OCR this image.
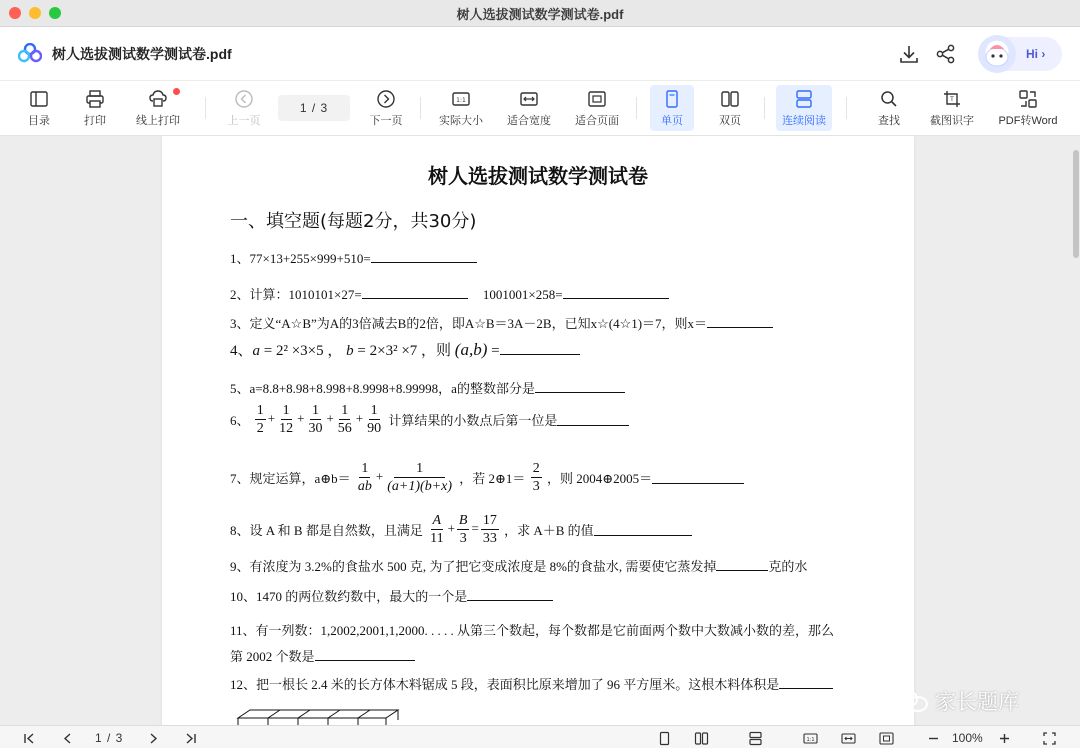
树人选拔测试数学测试卷.pdf
树人选拔测试数学测试卷.pdf	Hi ›
目录	打印	线上打印	上一页
1 / 3
下一页
1:1
实际大小 适合宽度 适合页面	单页	双页	连续阅读	查找
T
截图识字 PDF转Word
树人选拔测试数学测试卷
一、填空题(每题2分，共30分)
1、77×13+255×999+510=
2、计算：1010101×27=	1001001×258=
3、定义“A☆B”为A的3倍减去B的2倍，即A☆B＝3A－2B，已知x☆(4☆1)＝7，则x＝
4、a = 2² ×3×5 ， b = 2×3² ×7 ，则 (a,b) =
5、a=8.8+8.98+8.998+8.9998+8.99998，a的整数部分是
6、 $\frac{1}{2} + \frac{1}{12} + \frac{1}{30} + \frac{1}{56} + \frac{1}{90}$ 计算结果的小数点后第一位是
7、规定运算，a⊕b＝ $\frac{1}{ab} + \frac{1}{(a+1)(b+x)}$ ，若 2⊕1＝ $\frac{2}{3}$ ，则 2004⊕2005＝
8、设 A 和 B 都是自然数，且满足 $\frac{A}{11} + \frac{B}{3} = \frac{17}{33}$ ，求 A＋B 的值
9、有浓度为 3.2%的食盐水 500 克, 为了把它变成浓度是 8%的食盐水, 需要使它蒸发掉	克的水
10、1470 的两位数约数中，最大的一个是
11、有一列数：1,2002,2001,1,2000. . . . . 从第三个数起，每个数都是它前面两个数中大数减小数的差，那么
第 2002 个数是
12、把一根长 2.4 米的长方体木料锯成 5 段，表面积比原来增加了 96 平方厘米。这根木料体积是
家长题库
1 / 3	1:1	100%
